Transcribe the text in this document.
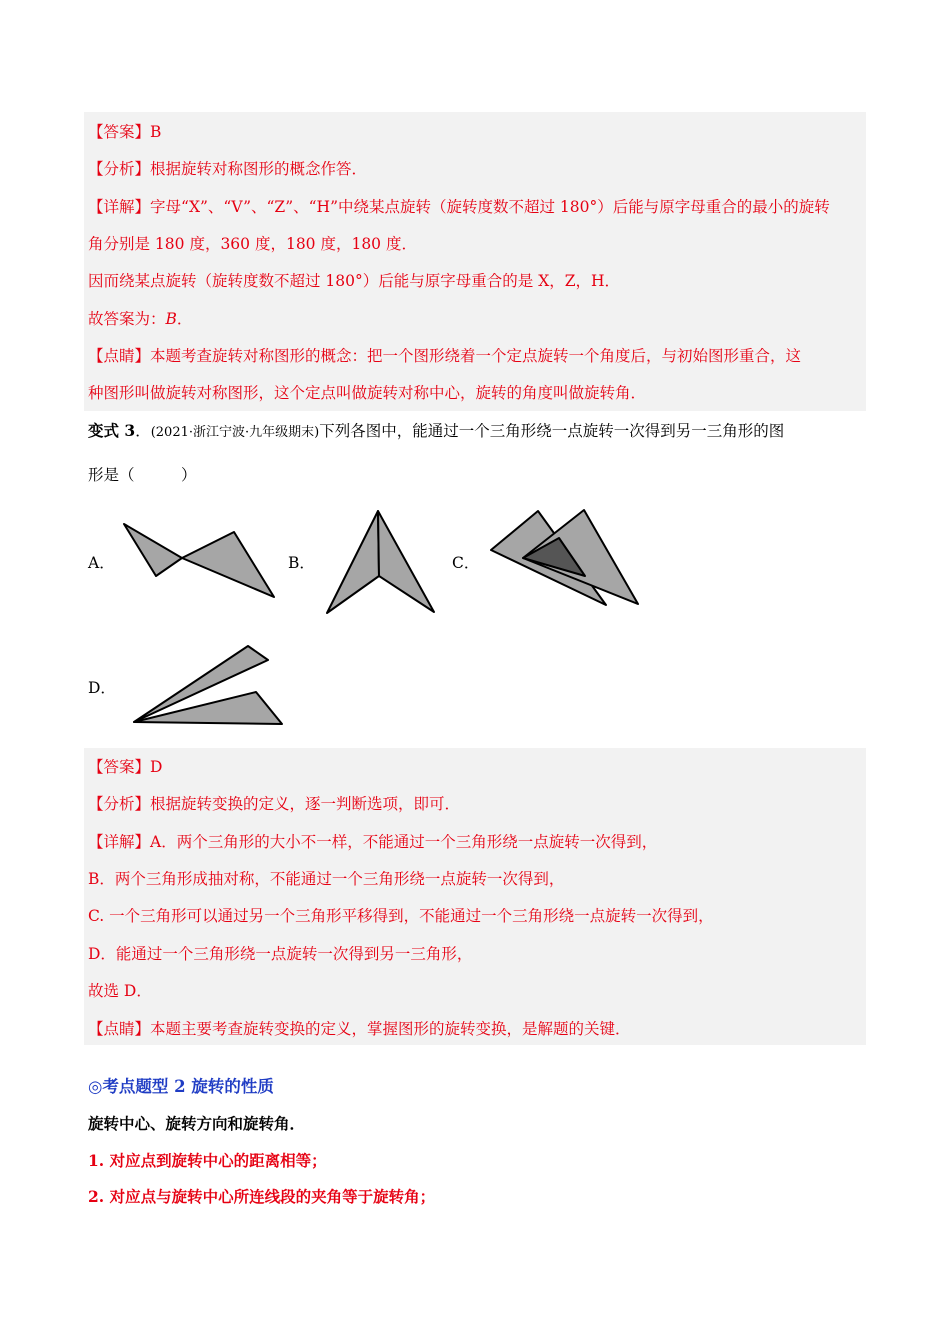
【答案】B
【分析】根据旋转对称图形的概念作答．
【详解】字母“X”、“V”、“Z”、“H”中绕某点旋转（旋转度数不超过 180°）后能与原字母重合的最小的旋转
角分别是 180 度，360 度，180 度，180 度．
因而绕某点旋转（旋转度数不超过 180°）后能与原字母重合的是 X，Z，H．
故答案为：B．
【点睛】本题考查旋转对称图形的概念：把一个图形绕着一个定点旋转一个角度后，与初始图形重合，这
种图形叫做旋转对称图形，这个定点叫做旋转对称中心，旋转的角度叫做旋转角．
变式 3．(2021·浙江宁波·九年级期末)下列各图中，能通过一个三角形绕一点旋转一次得到另一三角形的图
形是（　　　）
A．	B．	C．
D．
【答案】D
【分析】根据旋转变换的定义，逐一判断选项，即可．
【详解】A．两个三角形的大小不一样，不能通过一个三角形绕一点旋转一次得到，
B．两个三角形成抽对称，不能通过一个三角形绕一点旋转一次得到，
C. 一个三角形可以通过另一个三角形平移得到，不能通过一个三角形绕一点旋转一次得到，
D．能通过一个三角形绕一点旋转一次得到另一三角形，
故选 D．
【点睛】本题主要考查旋转变换的定义，掌握图形的旋转变换，是解题的关键．
◎考点题型 2 旋转的性质
旋转中心、旋转方向和旋转角．
1. 对应点到旋转中心的距离相等；
2. 对应点与旋转中心所连线段的夹角等于旋转角；
